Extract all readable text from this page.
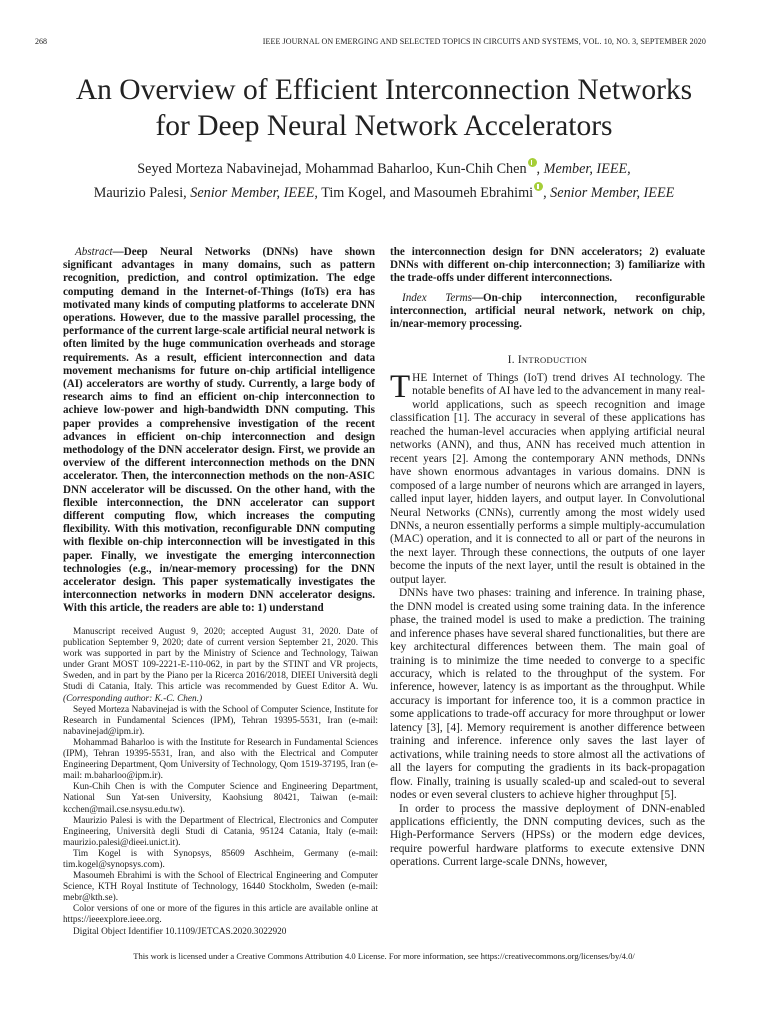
268	IEEE JOURNAL ON EMERGING AND SELECTED TOPICS IN CIRCUITS AND SYSTEMS, VOL. 10, NO. 3, SEPTEMBER 2020
An Overview of Efficient Interconnection Networks
for Deep Neural Network Accelerators
Seyed Morteza Nabavinejad, Mohammad Baharloo, Kun-Chih Chen , Member, IEEE,
Maurizio Palesi, Senior Member, IEEE, Tim Kogel, and Masoumeh Ebrahimi , Senior Member, IEEE
Abstract—Deep Neural Networks (DNNs) have shown significant advantages in many domains, such as pattern recognition, prediction, and control optimization. The edge computing demand in the Internet-of-Things (IoTs) era has motivated many kinds of computing platforms to accelerate DNN operations. However, due to the massive parallel processing, the performance of the current large-scale artificial neural network is often limited by the huge communication overheads and storage requirements. As a result, efficient interconnection and data movement mechanisms for future on-chip artificial intelligence (AI) accelerators are worthy of study. Currently, a large body of research aims to find an efficient on-chip interconnection to achieve low-power and high-bandwidth DNN computing. This paper provides a comprehensive investigation of the recent advances in efficient on-chip interconnection and design methodology of the DNN accelerator design. First, we provide an overview of the different interconnection methods on the DNN accelerator. Then, the interconnection methods on the non-ASIC DNN accelerator will be discussed. On the other hand, with the flexible interconnection, the DNN accelerator can support different computing flow, which increases the computing flexibility. With this motivation, reconfigurable DNN computing with flexible on-chip interconnection will be investigated in this paper. Finally, we investigate the emerging interconnection technologies (e.g., in/near-memory processing) for the DNN accelerator design. This paper systematically investigates the interconnection networks in modern DNN accelerator designs. With this article, the readers are able to: 1) understand
the interconnection design for DNN accelerators; 2) evaluate DNNs with different on-chip interconnection; 3) familiarize with the trade-offs under different interconnections.
Index Terms—On-chip interconnection, reconfigurable interconnection, artificial neural network, network on chip, in/near-memory processing.
I. INTRODUCTION

THE Internet of Things (IoT) trend drives AI technology. The notable benefits of AI have led to the advancement in many real-world applications, such as speech recognition and image classification [1]. The accuracy in several of these applications has reached the human-level accuracies when applying artificial neural networks (ANN), and thus, ANN has received much attention in recent years [2]. Among the contemporary ANN methods, DNNs have shown enormous advantages in various domains. DNN is composed of a large number of neurons which are arranged in layers, called input layer, hidden layers, and output layer. In Convolutional Neural Networks (CNNs), currently among the most widely used DNNs, a neuron essentially performs a simple multiply-accumulation (MAC) operation, and it is connected to all or part of the neurons in the next layer. Through these connections, the outputs of one layer become the inputs of the next layer, until the result is obtained in the output layer.

DNNs have two phases: training and inference. In training phase, the DNN model is created using some training data. In the inference phase, the trained model is used to make a prediction. The training and inference phases have several shared functionalities, but there are key architectural differences between them. The main goal of training is to minimize the time needed to converge to a specific accuracy, which is related to the throughput of the system. For inference, however, latency is as important as the throughput. While accuracy is important for inference too, it is a common practice in some applications to trade-off accuracy for more throughput or lower latency [3], [4]. Memory requirement is another difference between training and inference. inference only saves the last layer of activations, while training needs to store almost all the activations of all the layers for computing the gradients in its back-propagation flow. Finally, training is usually scaled-up and scaled-out to several nodes or even several clusters to achieve higher throughput [5].

In order to process the massive deployment of DNN-enabled applications efficiently, the DNN computing devices, such as the High-Performance Servers (HPSs) or the modern edge devices, require powerful hardware platforms to execute extensive DNN operations. Current large-scale DNNs, however,

Manuscript received August 9, 2020; accepted August 31, 2020. Date of publication September 9, 2020; date of current version September 21, 2020. This work was supported in part by the Ministry of Science and Technology, Taiwan under Grant MOST 109-2221-E-110-062, in part by the STINT and VR projects, Sweden, and in part by the Piano per la Ricerca 2016/2018, DIEEI Università degli Studi di Catania, Italy. This article was recommended by Guest Editor A. Wu. (Corresponding author: K.-C. Chen.)

Seyed Morteza Nabavinejad is with the School of Computer Science, Institute for Research in Fundamental Sciences (IPM), Tehran 19395-5531, Iran (e-mail: nabavinejad@ipm.ir).

Mohammad Baharloo is with the Institute for Research in Fundamental Sciences (IPM), Tehran 19395-5531, Iran, and also with the Electrical and Computer Engineering Department, Qom University of Technology, Qom 1519-37195, Iran (e-mail: m.baharloo@ipm.ir).

Kun-Chih Chen is with the Computer Science and Engineering Department, National Sun Yat-sen University, Kaohsiung 80421, Taiwan (e-mail: kcchen@mail.cse.nsysu.edu.tw).

Maurizio Palesi is with the Department of Electrical, Electronics and Computer Engineering, Università degli Studi di Catania, 95124 Catania, Italy (e-mail: maurizio.palesi@dieei.unict.it).

Tim Kogel is with Synopsys, 85609 Aschheim, Germany (e-mail: tim.kogel@synopsys.com).

Masoumeh Ebrahimi is with the School of Electrical Engineering and Computer Science, KTH Royal Institute of Technology, 16440 Stockholm, Sweden (e-mail: mebr@kth.se).

Color versions of one or more of the figures in this article are available online at https://ieeexplore.ieee.org.

Digital Object Identifier 10.1109/JETCAS.2020.3022920

This work is licensed under a Creative Commons Attribution 4.0 License. For more information, see https://creativecommons.org/licenses/by/4.0/
